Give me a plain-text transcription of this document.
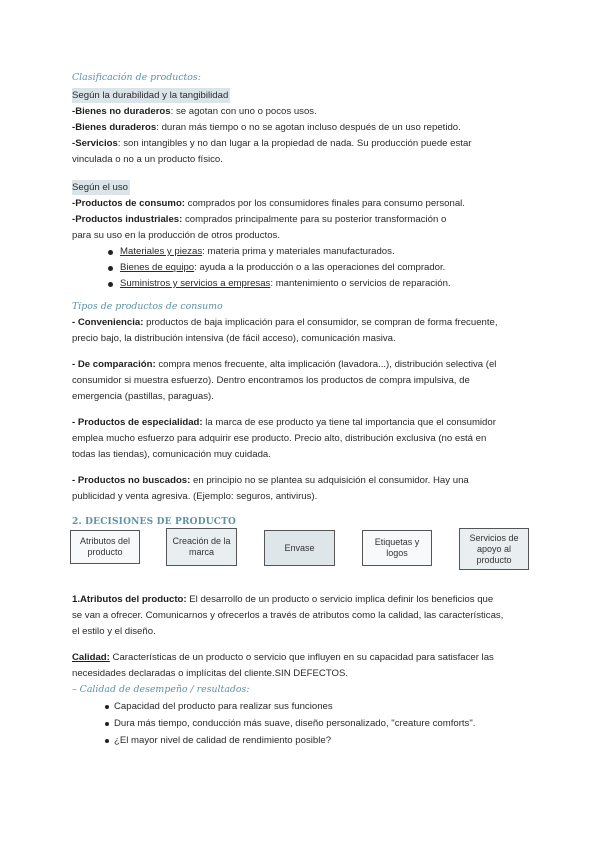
Clasificación de productos:

Según la durabilidad y la tangibilidad

-Bienes no duraderos: se agotan con uno o pocos usos.

-Bienes duraderos: duran más tiempo o no se agotan incluso después de un uso repetido.

-Servicios: son intangibles y no dan lugar a la propiedad de nada. Su producción puede estar

vinculada o no a un producto físico.

Según el uso

-Productos de consumo: comprados por los consumidores finales para consumo personal.

-Productos industriales: comprados principalmente para su posterior transformación o

para su uso en la producción de otros productos.

Materiales y piezas: materia prima y materiales manufacturados.
Bienes de equipo: ayuda a la producción o a las operaciones del comprador.
Suministros y servicios a empresas: mantenimiento o servicios de reparación.

Tipos de productos de consumo

- Conveniencia: productos de baja implicación para el consumidor, se compran de forma frecuente,

precio bajo, la distribución intensiva (de fácil acceso), comunicación masiva.

- De comparación: compra menos frecuente, alta implicación (lavadora...), distribución selectiva (el

consumidor si muestra esfuerzo). Dentro encontramos los productos de compra impulsiva, de

emergencia (pastillas, paraguas).

- Productos de especialidad: la marca de ese producto ya tiene tal importancia que el consumidor

emplea mucho esfuerzo para adquirir ese producto. Precio alto, distribución exclusiva (no está en

todas las tiendas), comunicación muy cuidada.

- Productos no buscados: en principio no se plantea su adquisición el consumidor. Hay una

publicidad y venta agresiva. (Ejemplo: seguros, antivirus).

2. DECISIONES DE PRODUCTO

Atributos del producto
Creación de la marca	Envase
Etiquetas y logos
Servicios de apoyo al producto

1.Atributos del producto: El desarrollo de un producto o servicio implica definir los beneficios que

se van a ofrecer. Comunicarnos y ofrecerlos a través de atributos como la calidad, las características,

el estilo y el diseño.

Calidad: Características de un producto o servicio que influyen en su capacidad para satisfacer las

necesidades declaradas o implícitas del cliente.SIN DEFECTOS.

– Calidad de desempeño / resultados:

Capacidad del producto para realizar sus funciones
Dura más tiempo, conducción más suave, diseño personalizado, "creature comforts".
¿El mayor nivel de calidad de rendimiento posible?
